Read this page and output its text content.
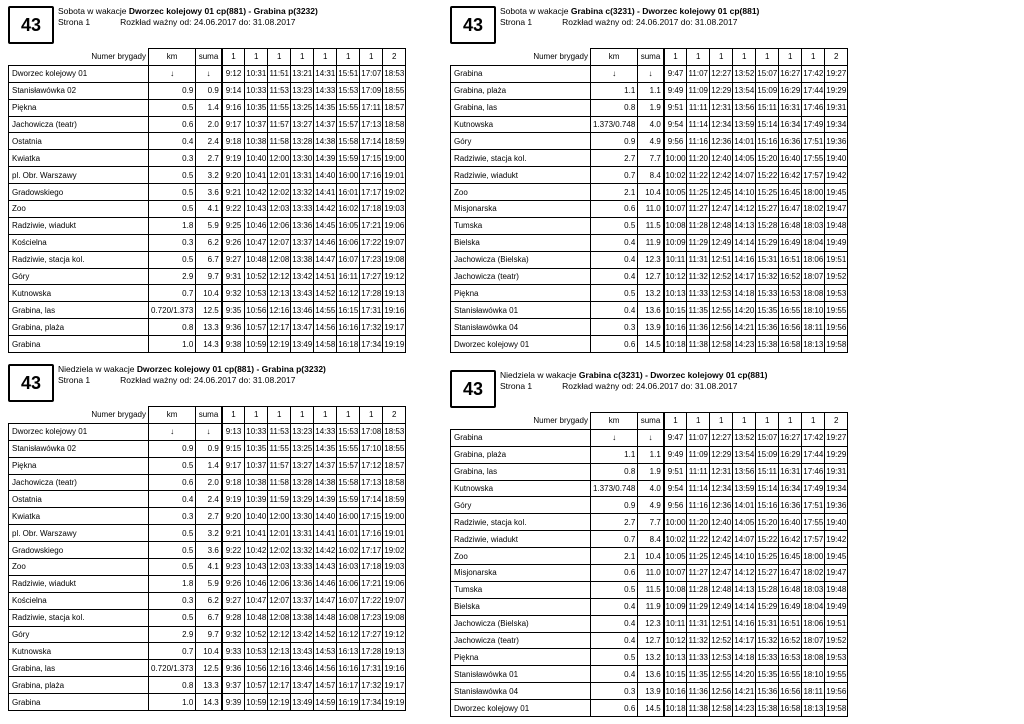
43
Sobota w wakacje Dworzec kolejowy 01 cp(881) - Grabina p(3232)
Strona 1	Rozkład ważny od: 24.06.2017 do: 31.08.2017
Numer brygady	km	suma	1	1	1	1	1	1	1	2
Dworzec kolejowy 01	↓	↓	9:12	10:31	11:51	13:21	14:31	15:51	17:07	18:53
Stanisławówka 02	0.9	0.9	9:14	10:33	11:53	13:23	14:33	15:53	17:09	18:55
Piękna	0.5	1.4	9:16	10:35	11:55	13:25	14:35	15:55	17:11	18:57
Jachowicza (teatr)	0.6	2.0	9:17	10:37	11:57	13:27	14:37	15:57	17:13	18:58
Ostatnia	0.4	2.4	9:18	10:38	11:58	13:28	14:38	15:58	17:14	18:59
Kwiatka	0.3	2.7	9:19	10:40	12:00	13:30	14:39	15:59	17:15	19:00
pl. Obr. Warszawy	0.5	3.2	9:20	10:41	12:01	13:31	14:40	16:00	17:16	19:01
Gradowskiego	0.5	3.6	9:21	10:42	12:02	13:32	14:41	16:01	17:17	19:02
Zoo	0.5	4.1	9:22	10:43	12:03	13:33	14:42	16:02	17:18	19:03
Radziwie, wiadukt	1.8	5.9	9:25	10:46	12:06	13:36	14:45	16:05	17:21	19:06
Kościelna	0.3	6.2	9:26	10:47	12:07	13:37	14:46	16:06	17:22	19:07
Radziwie, stacja kol.	0.5	6.7	9:27	10:48	12:08	13:38	14:47	16:07	17:23	19:08
Góry	2.9	9.7	9:31	10:52	12:12	13:42	14:51	16:11	17:27	19:12
Kutnowska	0.7	10.4	9:32	10:53	12:13	13:43	14:52	16:12	17:28	19:13
Grabina, las	0.720/1.373	12.5	9:35	10:56	12:16	13:46	14:55	16:15	17:31	19:16
Grabina, plaża	0.8	13.3	9:36	10:57	12:17	13:47	14:56	16:16	17:32	19:17
Grabina	1.0	14.3	9:38	10:59	12:19	13:49	14:58	16:18	17:34	19:19
43
Sobota w wakacje Grabina c(3231) - Dworzec kolejowy 01 cp(881)
Strona 1	Rozkład ważny od: 24.06.2017 do: 31.08.2017
Numer brygady	km	suma	1	1	1	1	1	1	1	2
Grabina	↓	↓	9:47	11:07	12:27	13:52	15:07	16:27	17:42	19:27
Grabina, plaża	1.1	1.1	9:49	11:09	12:29	13:54	15:09	16:29	17:44	19:29
Grabina, las	0.8	1.9	9:51	11:11	12:31	13:56	15:11	16:31	17:46	19:31
Kutnowska	1.373/0.748	4.0	9:54	11:14	12:34	13:59	15:14	16:34	17:49	19:34
Góry	0.9	4.9	9:56	11:16	12:36	14:01	15:16	16:36	17:51	19:36
Radziwie, stacja kol.	2.7	7.7	10:00	11:20	12:40	14:05	15:20	16:40	17:55	19:40
Radziwie, wiadukt	0.7	8.4	10:02	11:22	12:42	14:07	15:22	16:42	17:57	19:42
Zoo	2.1	10.4	10:05	11:25	12:45	14:10	15:25	16:45	18:00	19:45
Misjonarska	0.6	11.0	10:07	11:27	12:47	14:12	15:27	16:47	18:02	19:47
Tumska	0.5	11.5	10:08	11:28	12:48	14:13	15:28	16:48	18:03	19:48
Bielska	0.4	11.9	10:09	11:29	12:49	14:14	15:29	16:49	18:04	19:49
Jachowicza (Bielska)	0.4	12.3	10:11	11:31	12:51	14:16	15:31	16:51	18:06	19:51
Jachowicza (teatr)	0.4	12.7	10:12	11:32	12:52	14:17	15:32	16:52	18:07	19:52
Piękna	0.5	13.2	10:13	11:33	12:53	14:18	15:33	16:53	18:08	19:53
Stanisławówka 01	0.4	13.6	10:15	11:35	12:55	14:20	15:35	16:55	18:10	19:55
Stanisławówka 04	0.3	13.9	10:16	11:36	12:56	14:21	15:36	16:56	18:11	19:56
Dworzec kolejowy 01	0.6	14.5	10:18	11:38	12:58	14:23	15:38	16:58	18:13	19:58
43
Niedziela w wakacje Dworzec kolejowy 01 cp(881) - Grabina p(3232)
Strona 1	Rozkład ważny od: 24.06.2017 do: 31.08.2017
Numer brygady	km	suma	1	1	1	1	1	1	1	2
Dworzec kolejowy 01	↓	↓	9:13	10:33	11:53	13:23	14:33	15:53	17:08	18:53
Stanisławówka 02	0.9	0.9	9:15	10:35	11:55	13:25	14:35	15:55	17:10	18:55
Piękna	0.5	1.4	9:17	10:37	11:57	13:27	14:37	15:57	17:12	18:57
Jachowicza (teatr)	0.6	2.0	9:18	10:38	11:58	13:28	14:38	15:58	17:13	18:58
Ostatnia	0.4	2.4	9:19	10:39	11:59	13:29	14:39	15:59	17:14	18:59
Kwiatka	0.3	2.7	9:20	10:40	12:00	13:30	14:40	16:00	17:15	19:00
pl. Obr. Warszawy	0.5	3.2	9:21	10:41	12:01	13:31	14:41	16:01	17:16	19:01
Gradowskiego	0.5	3.6	9:22	10:42	12:02	13:32	14:42	16:02	17:17	19:02
Zoo	0.5	4.1	9:23	10:43	12:03	13:33	14:43	16:03	17:18	19:03
Radziwie, wiadukt	1.8	5.9	9:26	10:46	12:06	13:36	14:46	16:06	17:21	19:06
Kościelna	0.3	6.2	9:27	10:47	12:07	13:37	14:47	16:07	17:22	19:07
Radziwie, stacja kol.	0.5	6.7	9:28	10:48	12:08	13:38	14:48	16:08	17:23	19:08
Góry	2.9	9.7	9:32	10:52	12:12	13:42	14:52	16:12	17:27	19:12
Kutnowska	0.7	10.4	9:33	10:53	12:13	13:43	14:53	16:13	17:28	19:13
Grabina, las	0.720/1.373	12.5	9:36	10:56	12:16	13:46	14:56	16:16	17:31	19:16
Grabina, plaża	0.8	13.3	9:37	10:57	12:17	13:47	14:57	16:17	17:32	19:17
Grabina	1.0	14.3	9:39	10:59	12:19	13:49	14:59	16:19	17:34	19:19
43
Niedziela w wakacje Grabina c(3231) - Dworzec kolejowy 01 cp(881)
Strona 1	Rozkład ważny od: 24.06.2017 do: 31.08.2017
Numer brygady	km	suma	1	1	1	1	1	1	1	2
Grabina	↓	↓	9:47	11:07	12:27	13:52	15:07	16:27	17:42	19:27
Grabina, plaża	1.1	1.1	9:49	11:09	12:29	13:54	15:09	16:29	17:44	19:29
Grabina, las	0.8	1.9	9:51	11:11	12:31	13:56	15:11	16:31	17:46	19:31
Kutnowska	1.373/0.748	4.0	9:54	11:14	12:34	13:59	15:14	16:34	17:49	19:34
Góry	0.9	4.9	9:56	11:16	12:36	14:01	15:16	16:36	17:51	19:36
Radziwie, stacja kol.	2.7	7.7	10:00	11:20	12:40	14:05	15:20	16:40	17:55	19:40
Radziwie, wiadukt	0.7	8.4	10:02	11:22	12:42	14:07	15:22	16:42	17:57	19:42
Zoo	2.1	10.4	10:05	11:25	12:45	14:10	15:25	16:45	18:00	19:45
Misjonarska	0.6	11.0	10:07	11:27	12:47	14:12	15:27	16:47	18:02	19:47
Tumska	0.5	11.5	10:08	11:28	12:48	14:13	15:28	16:48	18:03	19:48
Bielska	0.4	11.9	10:09	11:29	12:49	14:14	15:29	16:49	18:04	19:49
Jachowicza (Bielska)	0.4	12.3	10:11	11:31	12:51	14:16	15:31	16:51	18:06	19:51
Jachowicza (teatr)	0.4	12.7	10:12	11:32	12:52	14:17	15:32	16:52	18:07	19:52
Piękna	0.5	13.2	10:13	11:33	12:53	14:18	15:33	16:53	18:08	19:53
Stanisławówka 01	0.4	13.6	10:15	11:35	12:55	14:20	15:35	16:55	18:10	19:55
Stanisławówka 04	0.3	13.9	10:16	11:36	12:56	14:21	15:36	16:56	18:11	19:56
Dworzec kolejowy 01	0.6	14.5	10:18	11:38	12:58	14:23	15:38	16:58	18:13	19:58
